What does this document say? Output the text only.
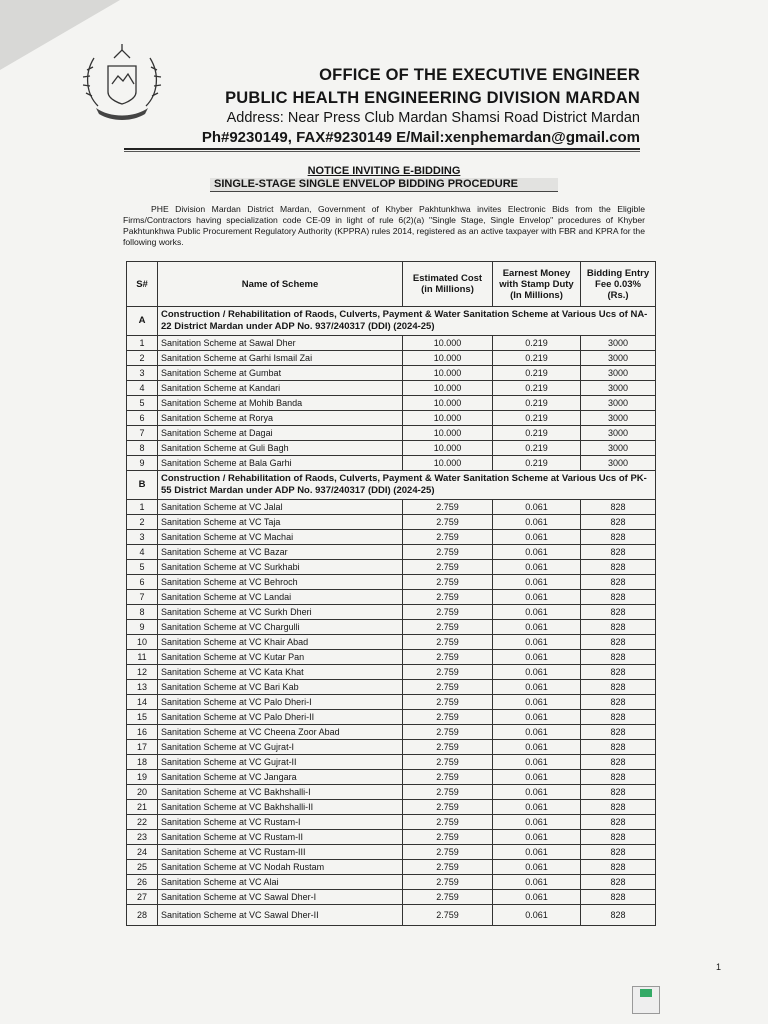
OFFICE OF THE EXECUTIVE ENGINEER
PUBLIC HEALTH ENGINEERING DIVISION MARDAN
Address: Near Press Club Mardan Shamsi Road District Mardan
Ph#9230149, FAX#9230149 E/Mail:xenphemardan@gmail.com
NOTICE INVITING E-BIDDING
SINGLE-STAGE SINGLE ENVELOP BIDDING PROCEDURE
PHE Division Mardan District Mardan, Government of Khyber Pakhtunkhwa invites Electronic Bids from the Eligible Firms/Contractors having specialization code CE-09 in light of rule 6(2)(a) "Single Stage, Single Envelop" procedures of Khyber Pakhtunkhwa Public Procurement Regulatory Authority (KPPRA) rules 2014, registered as an active taxpayer with FBR and KPRA for the following works.
S#	Name of Scheme	Estimated Cost (in Millions)	Earnest Money with Stamp Duty (In Millions)	Bidding Entry Fee 0.03% (Rs.)
A	Construction / Rehabilitation of Raods, Culverts, Payment & Water Sanitation Scheme at Various Ucs of NA-22 District Mardan under ADP No. 937/240317 (DDI) (2024-25)			
1	Sanitation Scheme at Sawal Dher	10.000	0.219	3000
2	Sanitation Scheme at Garhi Ismail Zai	10.000	0.219	3000
3	Sanitation Scheme at Gumbat	10.000	0.219	3000
4	Sanitation Scheme at Kandari	10.000	0.219	3000
5	Sanitation Scheme at Mohib Banda	10.000	0.219	3000
6	Sanitation Scheme at Rorya	10.000	0.219	3000
7	Sanitation Scheme at Dagai	10.000	0.219	3000
8	Sanitation Scheme at Guli Bagh	10.000	0.219	3000
9	Sanitation Scheme at Bala Garhi	10.000	0.219	3000
B	Construction / Rehabilitation of Raods, Culverts, Payment & Water Sanitation Scheme at Various Ucs of PK-55 District Mardan under ADP No. 937/240317 (DDI) (2024-25)			
1	Sanitation Scheme at VC Jalal	2.759	0.061	828
2	Sanitation Scheme at VC Taja	2.759	0.061	828
3	Sanitation Scheme at VC Machai	2.759	0.061	828
4	Sanitation Scheme at VC Bazar	2.759	0.061	828
5	Sanitation Scheme at VC Surkhabi	2.759	0.061	828
6	Sanitation Scheme at VC Behroch	2.759	0.061	828
7	Sanitation Scheme at VC Landai	2.759	0.061	828
8	Sanitation Scheme at VC Surkh Dheri	2.759	0.061	828
9	Sanitation Scheme at VC Chargulli	2.759	0.061	828
10	Sanitation Scheme at VC Khair Abad	2.759	0.061	828
11	Sanitation Scheme at VC Kutar Pan	2.759	0.061	828
12	Sanitation Scheme at VC Kata Khat	2.759	0.061	828
13	Sanitation Scheme at VC Bari Kab	2.759	0.061	828
14	Sanitation Scheme at VC Palo Dheri-I	2.759	0.061	828
15	Sanitation Scheme at VC Palo Dheri-II	2.759	0.061	828
16	Sanitation Scheme at VC Cheena Zoor Abad	2.759	0.061	828
17	Sanitation Scheme at VC Gujrat-I	2.759	0.061	828
18	Sanitation Scheme at VC Gujrat-II	2.759	0.061	828
19	Sanitation Scheme at VC Jangara	2.759	0.061	828
20	Sanitation Scheme at VC Bakhshalli-I	2.759	0.061	828
21	Sanitation Scheme at VC Bakhshalli-II	2.759	0.061	828
22	Sanitation Scheme at VC Rustam-I	2.759	0.061	828
23	Sanitation Scheme at VC Rustam-II	2.759	0.061	828
24	Sanitation Scheme at VC Rustam-III	2.759	0.061	828
25	Sanitation Scheme at VC Nodah Rustam	2.759	0.061	828
26	Sanitation Scheme at VC Alai	2.759	0.061	828
27	Sanitation Scheme at VC Sawal Dher-I	2.759	0.061	828
28	Sanitation Scheme at VC Sawal Dher-II	2.759	0.061	828
1
